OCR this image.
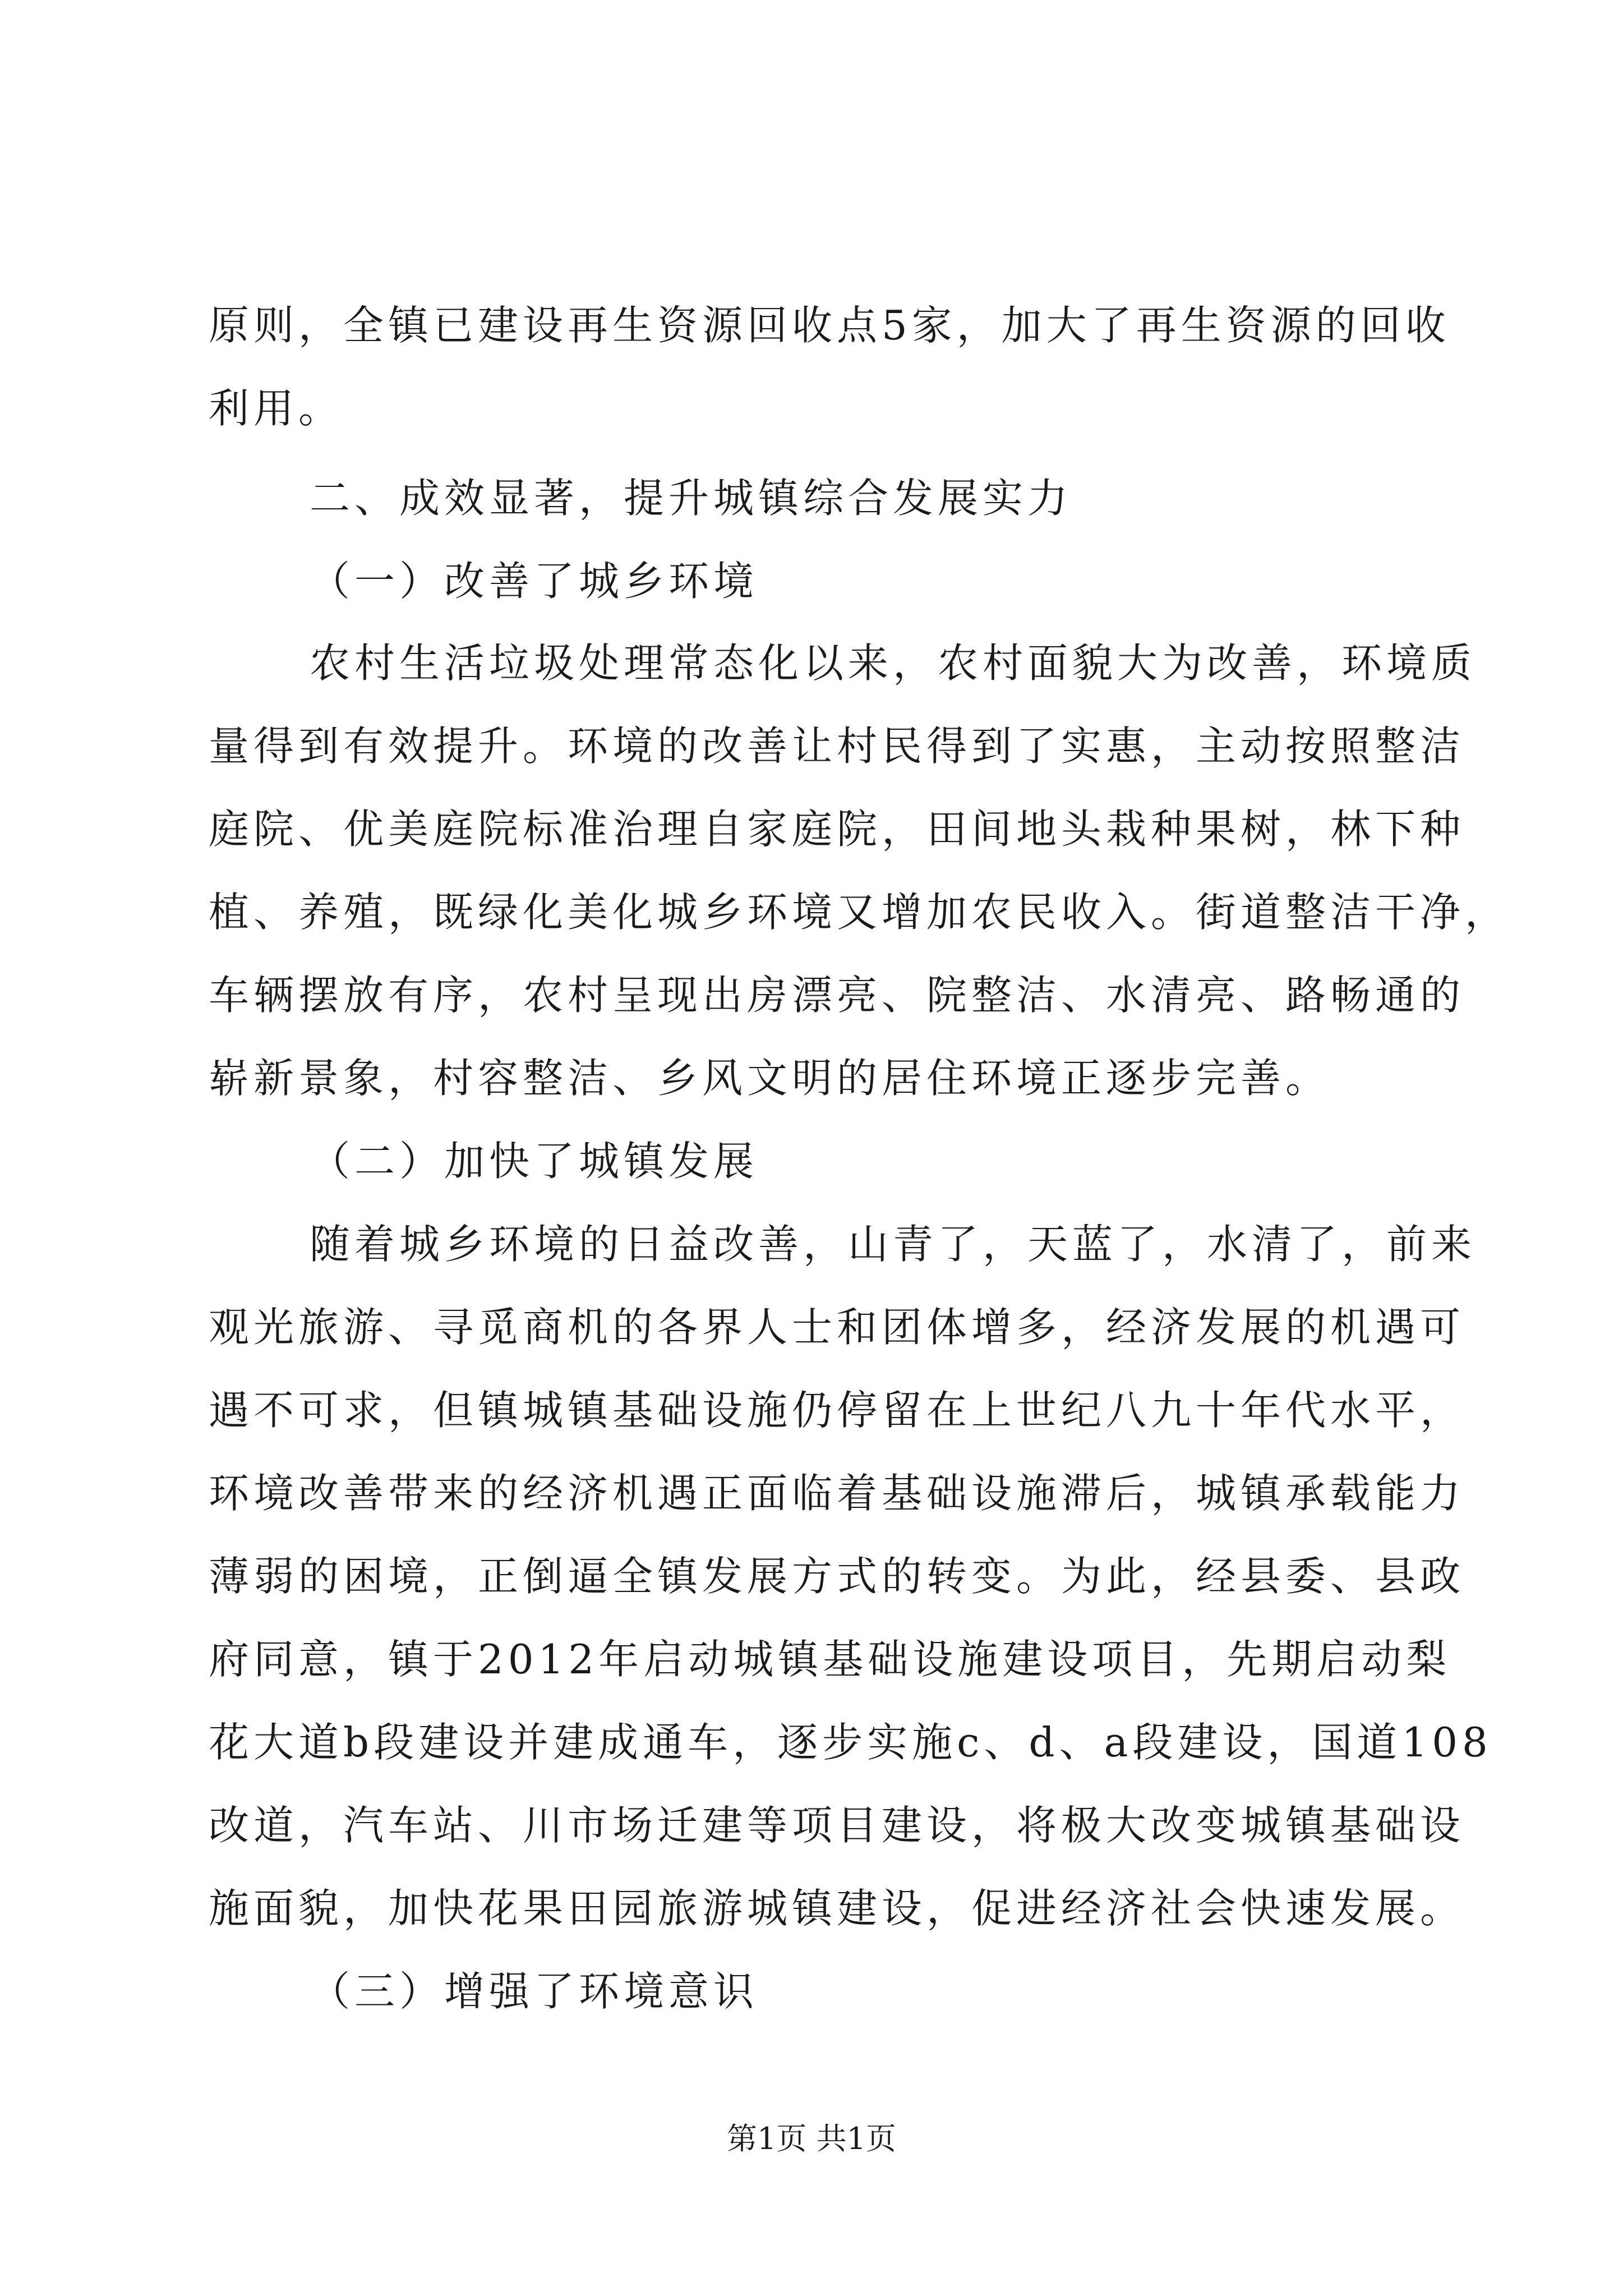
原则，全镇已建设再生资源回收点5家，加大了再生资源的回收
利用。
二、成效显著，提升城镇综合发展实力
（一）改善了城乡环境
农村生活垃圾处理常态化以来，农村面貌大为改善，环境质
量得到有效提升。环境的改善让村民得到了实惠，主动按照整洁
庭院、优美庭院标准治理自家庭院，田间地头栽种果树，林下种
植、养殖，既绿化美化城乡环境又增加农民收入。街道整洁干净，
车辆摆放有序，农村呈现出房漂亮、院整洁、水清亮、路畅通的
崭新景象，村容整洁、乡风文明的居住环境正逐步完善。
（二）加快了城镇发展
随着城乡环境的日益改善，山青了，天蓝了，水清了，前来
观光旅游、寻觅商机的各界人士和团体增多，经济发展的机遇可
遇不可求，但镇城镇基础设施仍停留在上世纪八九十年代水平，
环境改善带来的经济机遇正面临着基础设施滞后，城镇承载能力
薄弱的困境，正倒逼全镇发展方式的转变。为此，经县委、县政
府同意，镇于2012年启动城镇基础设施建设项目，先期启动梨
花大道b段建设并建成通车，逐步实施c、d、a段建设，国道108
改道，汽车站、川市场迁建等项目建设，将极大改变城镇基础设
施面貌，加快花果田园旅游城镇建设，促进经济社会快速发展。
（三）增强了环境意识
第1页 共1页
